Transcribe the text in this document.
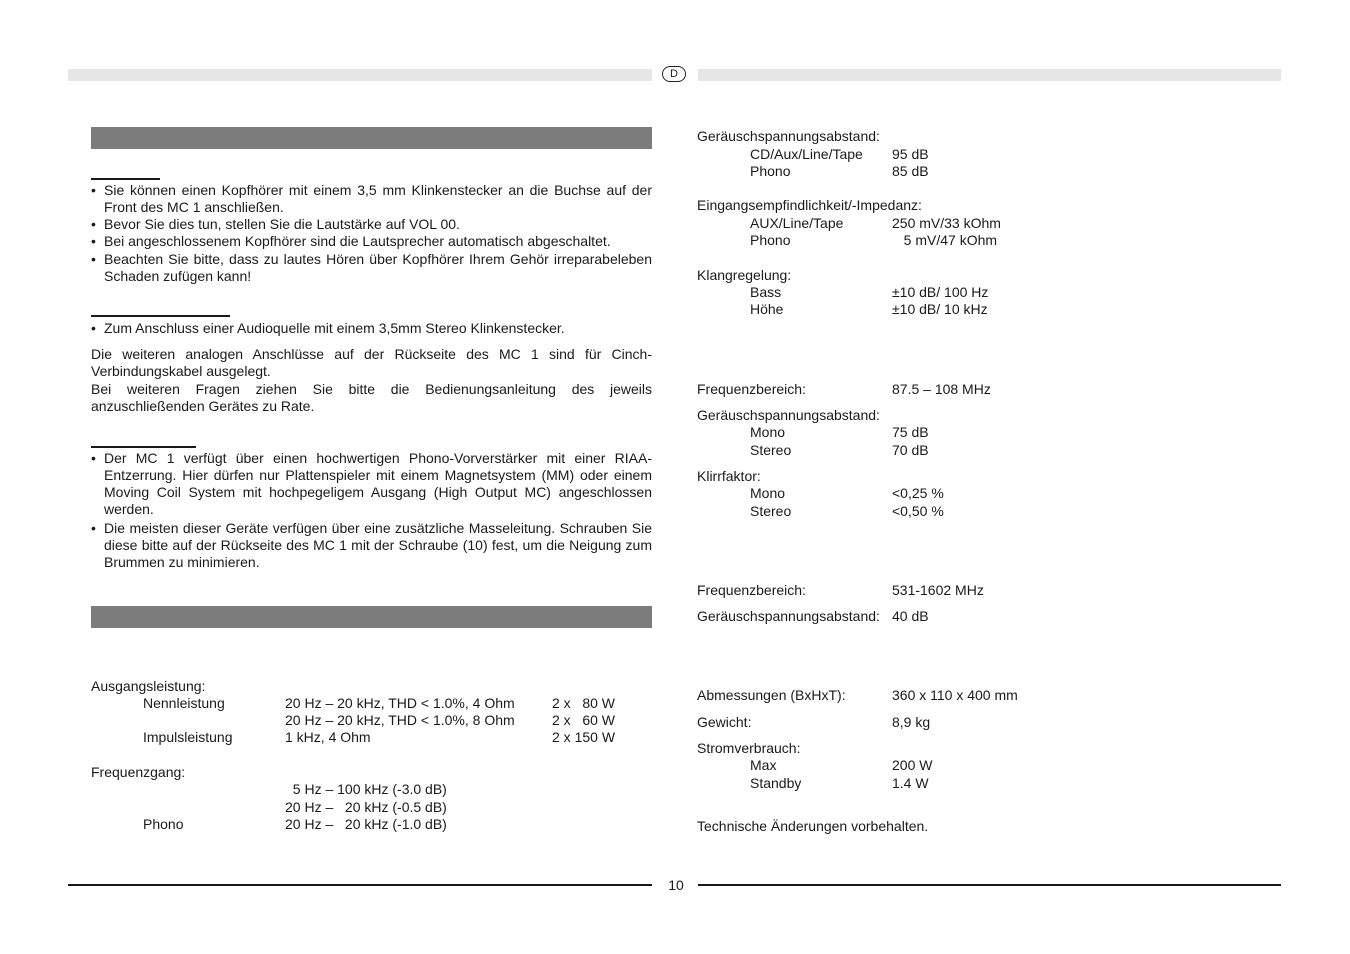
D
• Sie können einen Kopfhörer mit einem 3,5 mm Klinkenstecker an die Buchse auf der Front des MC 1 anschließen.
• Bevor Sie dies tun, stellen Sie die Lautstärke auf VOL 00.
• Bei angeschlossenem Kopfhörer sind die Lautsprecher automatisch abgeschaltet.
• Beachten Sie bitte, dass zu lautes Hören über Kopfhörer Ihrem Gehör irreparabeleben Schaden zufügen kann!
• Zum Anschluss einer Audioquelle mit einem 3,5mm Stereo Klinkenstecker.
Die weiteren analogen Anschlüsse auf der Rückseite des MC 1 sind für Cinch-Verbindungskabel ausgelegt.
Bei weiteren Fragen ziehen Sie bitte die Bedienungsanleitung des jeweils anzuschließenden Gerätes zu Rate.
• Der MC 1 verfügt über einen hochwertigen Phono-Vorverstärker mit einer RIAA-Entzerrung. Hier dürfen nur Plattenspieler mit einem Magnetsystem (MM) oder einem Moving Coil System mit hochpegeligem Ausgang (High Output MC) angeschlossen werden.
• Die meisten dieser Geräte verfügen über eine zusätzliche Masseleitung. Schrauben Sie diese bitte auf der Rückseite des MC 1 mit der Schraube (10) fest, um die Neigung zum Brummen zu minimieren.
Ausgangsleistung:
Nennleistung	20 Hz – 20 kHz, THD < 1.0%, 4 Ohm	2 x   80 W
20 Hz – 20 kHz, THD < 1.0%, 8 Ohm	2 x   60 W
Impulsleistung	1 kHz, 4 Ohm	2 x 150 W
Frequenzgang:
5 Hz – 100 kHz (-3.0 dB)
20 Hz –   20 kHz (-0.5 dB)
Phono	20 Hz –   20 kHz (-1.0 dB)
Geräuschspannungsabstand:
CD/Aux/Line/Tape 95 dB
Phono	85 dB
Eingangsempfindlichkeit/-Impedanz:
AUX/Line/Tape	250 mV/33 kOhm
Phono	5 mV/47 kOhm
Klangregelung:
Bass	±10 dB/ 100 Hz
Höhe	±10 dB/ 10 kHz
Frequenzbereich:	87.5 – 108 MHz
Geräuschspannungsabstand:
Mono	75 dB
Stereo	70 dB
Klirrfaktor:
Mono	<0,25 %
Stereo	<0,50 %
Frequenzbereich:	531-1602 MHz
Geräuschspannungsabstand: 40 dB
Abmessungen (BxHxT):	360 x 110 x 400 mm
Gewicht:	8,9 kg
Stromverbrauch:
Max	200 W
Standby	1.4 W
Technische Änderungen vorbehalten.
10
